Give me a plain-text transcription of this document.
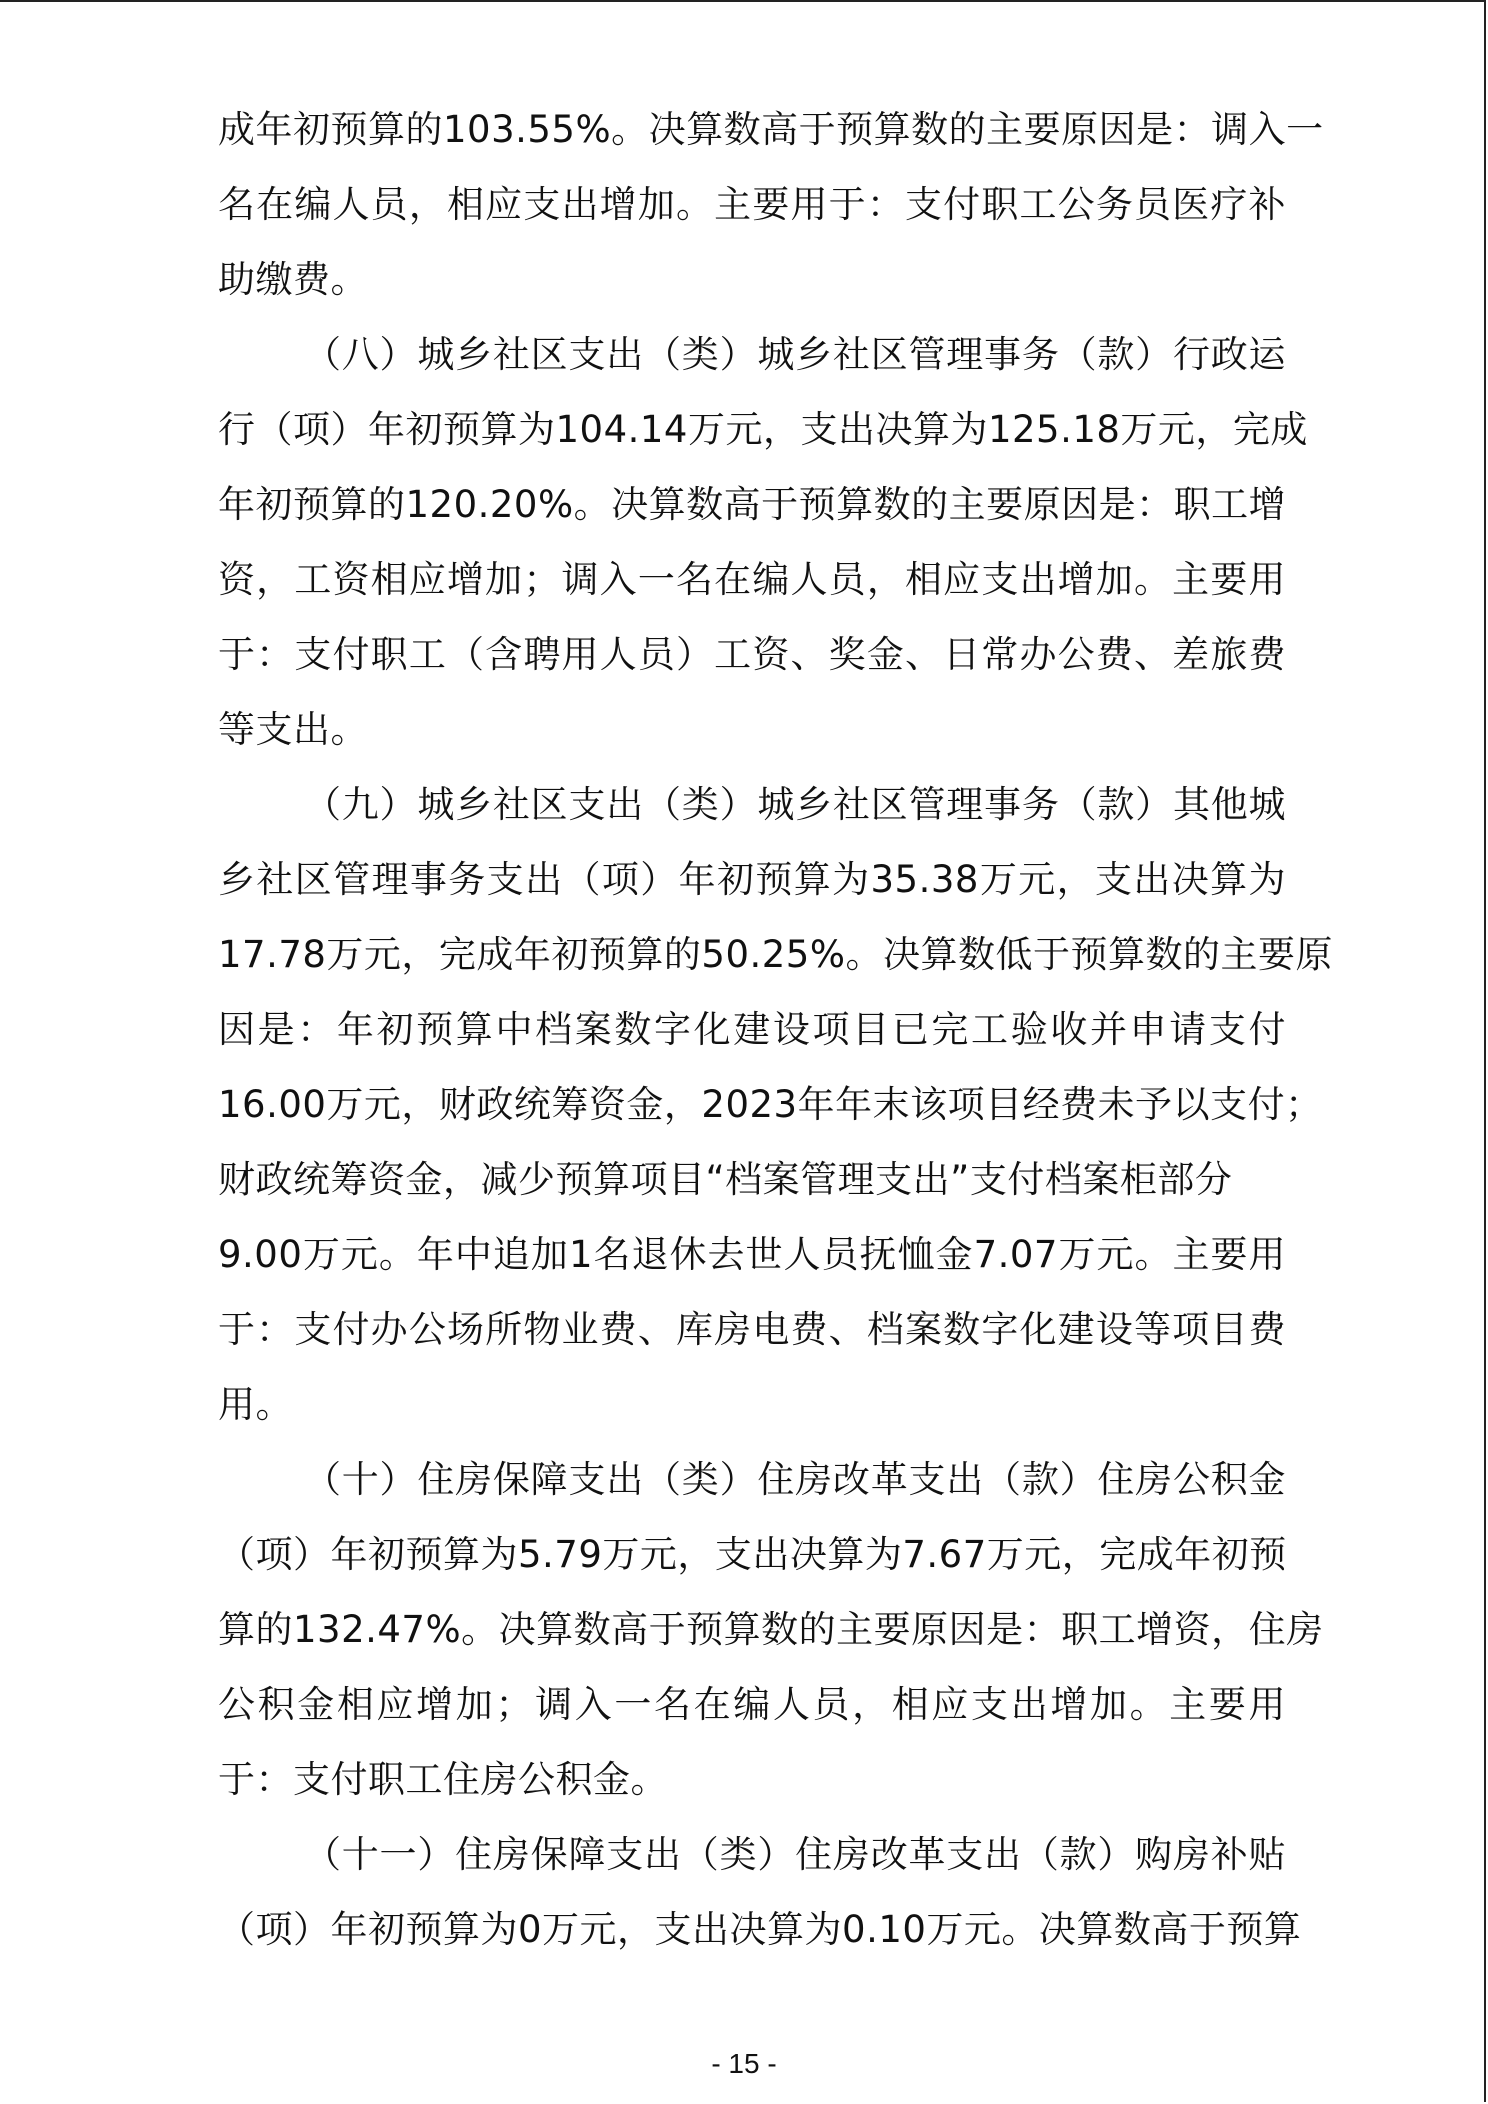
成年初预算的103.55%。决算数高于预算数的主要原因是：调入一
名在编人员，相应支出增加。主要用于：支付职工公务员医疗补
助缴费。
（八）城乡社区支出（类）城乡社区管理事务（款）行政运
行（项）年初预算为104.14万元，支出决算为125.18万元，完成
年初预算的120.20%。决算数高于预算数的主要原因是：职工增
资，工资相应增加；调入一名在编人员，相应支出增加。主要用
于：支付职工（含聘用人员）工资、奖金、日常办公费、差旅费
等支出。
（九）城乡社区支出（类）城乡社区管理事务（款）其他城
乡社区管理事务支出（项）年初预算为35.38万元，支出决算为
17.78万元，完成年初预算的50.25%。决算数低于预算数的主要原
因是：年初预算中档案数字化建设项目已完工验收并申请支付
16.00万元，财政统筹资金，2023年年末该项目经费未予以支付；
财政统筹资金，减少预算项目“档案管理支出”支付档案柜部分
9.00万元。年中追加1名退休去世人员抚恤金7.07万元。主要用
于：支付办公场所物业费、库房电费、档案数字化建设等项目费
用。
（十）住房保障支出（类）住房改革支出（款）住房公积金
（项）年初预算为5.79万元，支出决算为7.67万元，完成年初预
算的132.47%。决算数高于预算数的主要原因是：职工增资，住房
公积金相应增加；调入一名在编人员，相应支出增加。主要用
于：支付职工住房公积金。
（十一）住房保障支出（类）住房改革支出（款）购房补贴
（项）年初预算为0万元，支出决算为0.10万元。决算数高于预算
- 15 -
